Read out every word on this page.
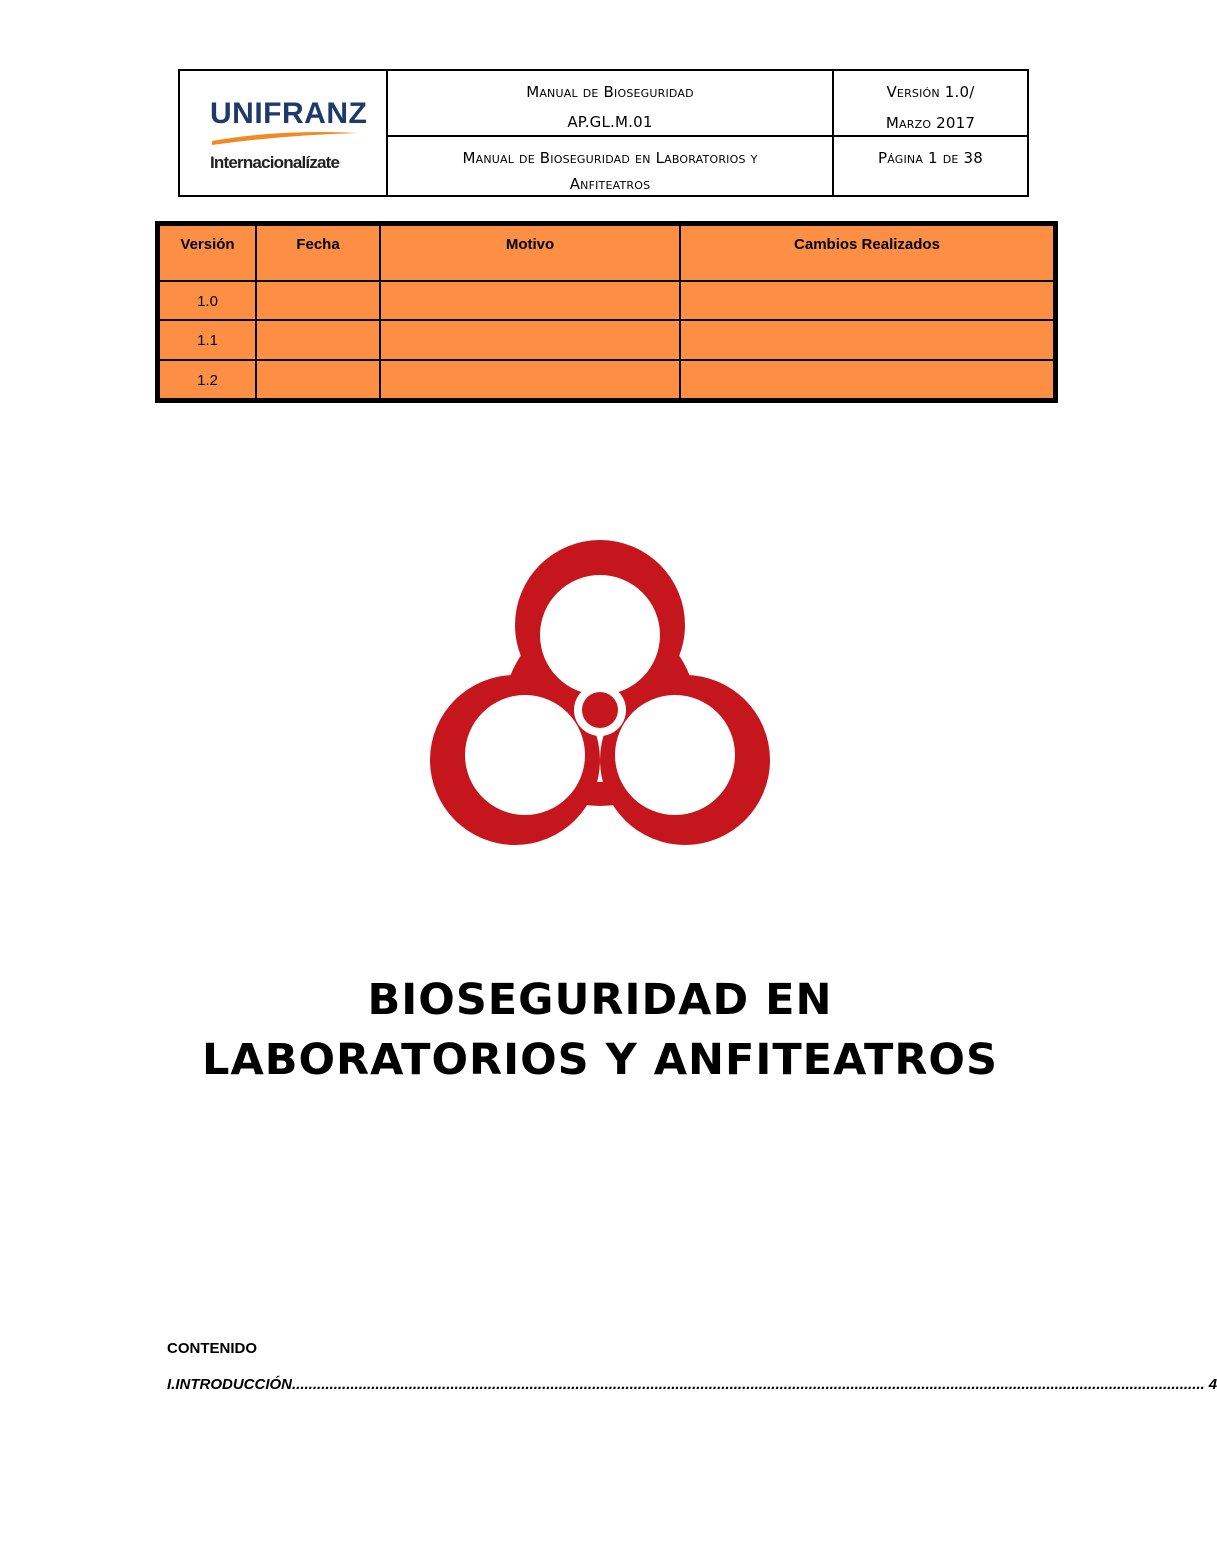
UNIFRANZ
Internacionalízate
Manual de Bioseguridad
AP.GL.M.01
Manual de Bioseguridad en Laboratorios y
Anfiteatros
Versión 1.0/
Marzo 2017
Página 1 de 38
Versión	Fecha	Motivo	Cambios Realizados
1.0			
1.1			
1.2			
BIOSEGURIDAD EN
LABORATORIOS Y ANFITEATROS
CONTENIDO
I. INTRODUCCIÓN ........................................................................................................................................................................................................................... 4
